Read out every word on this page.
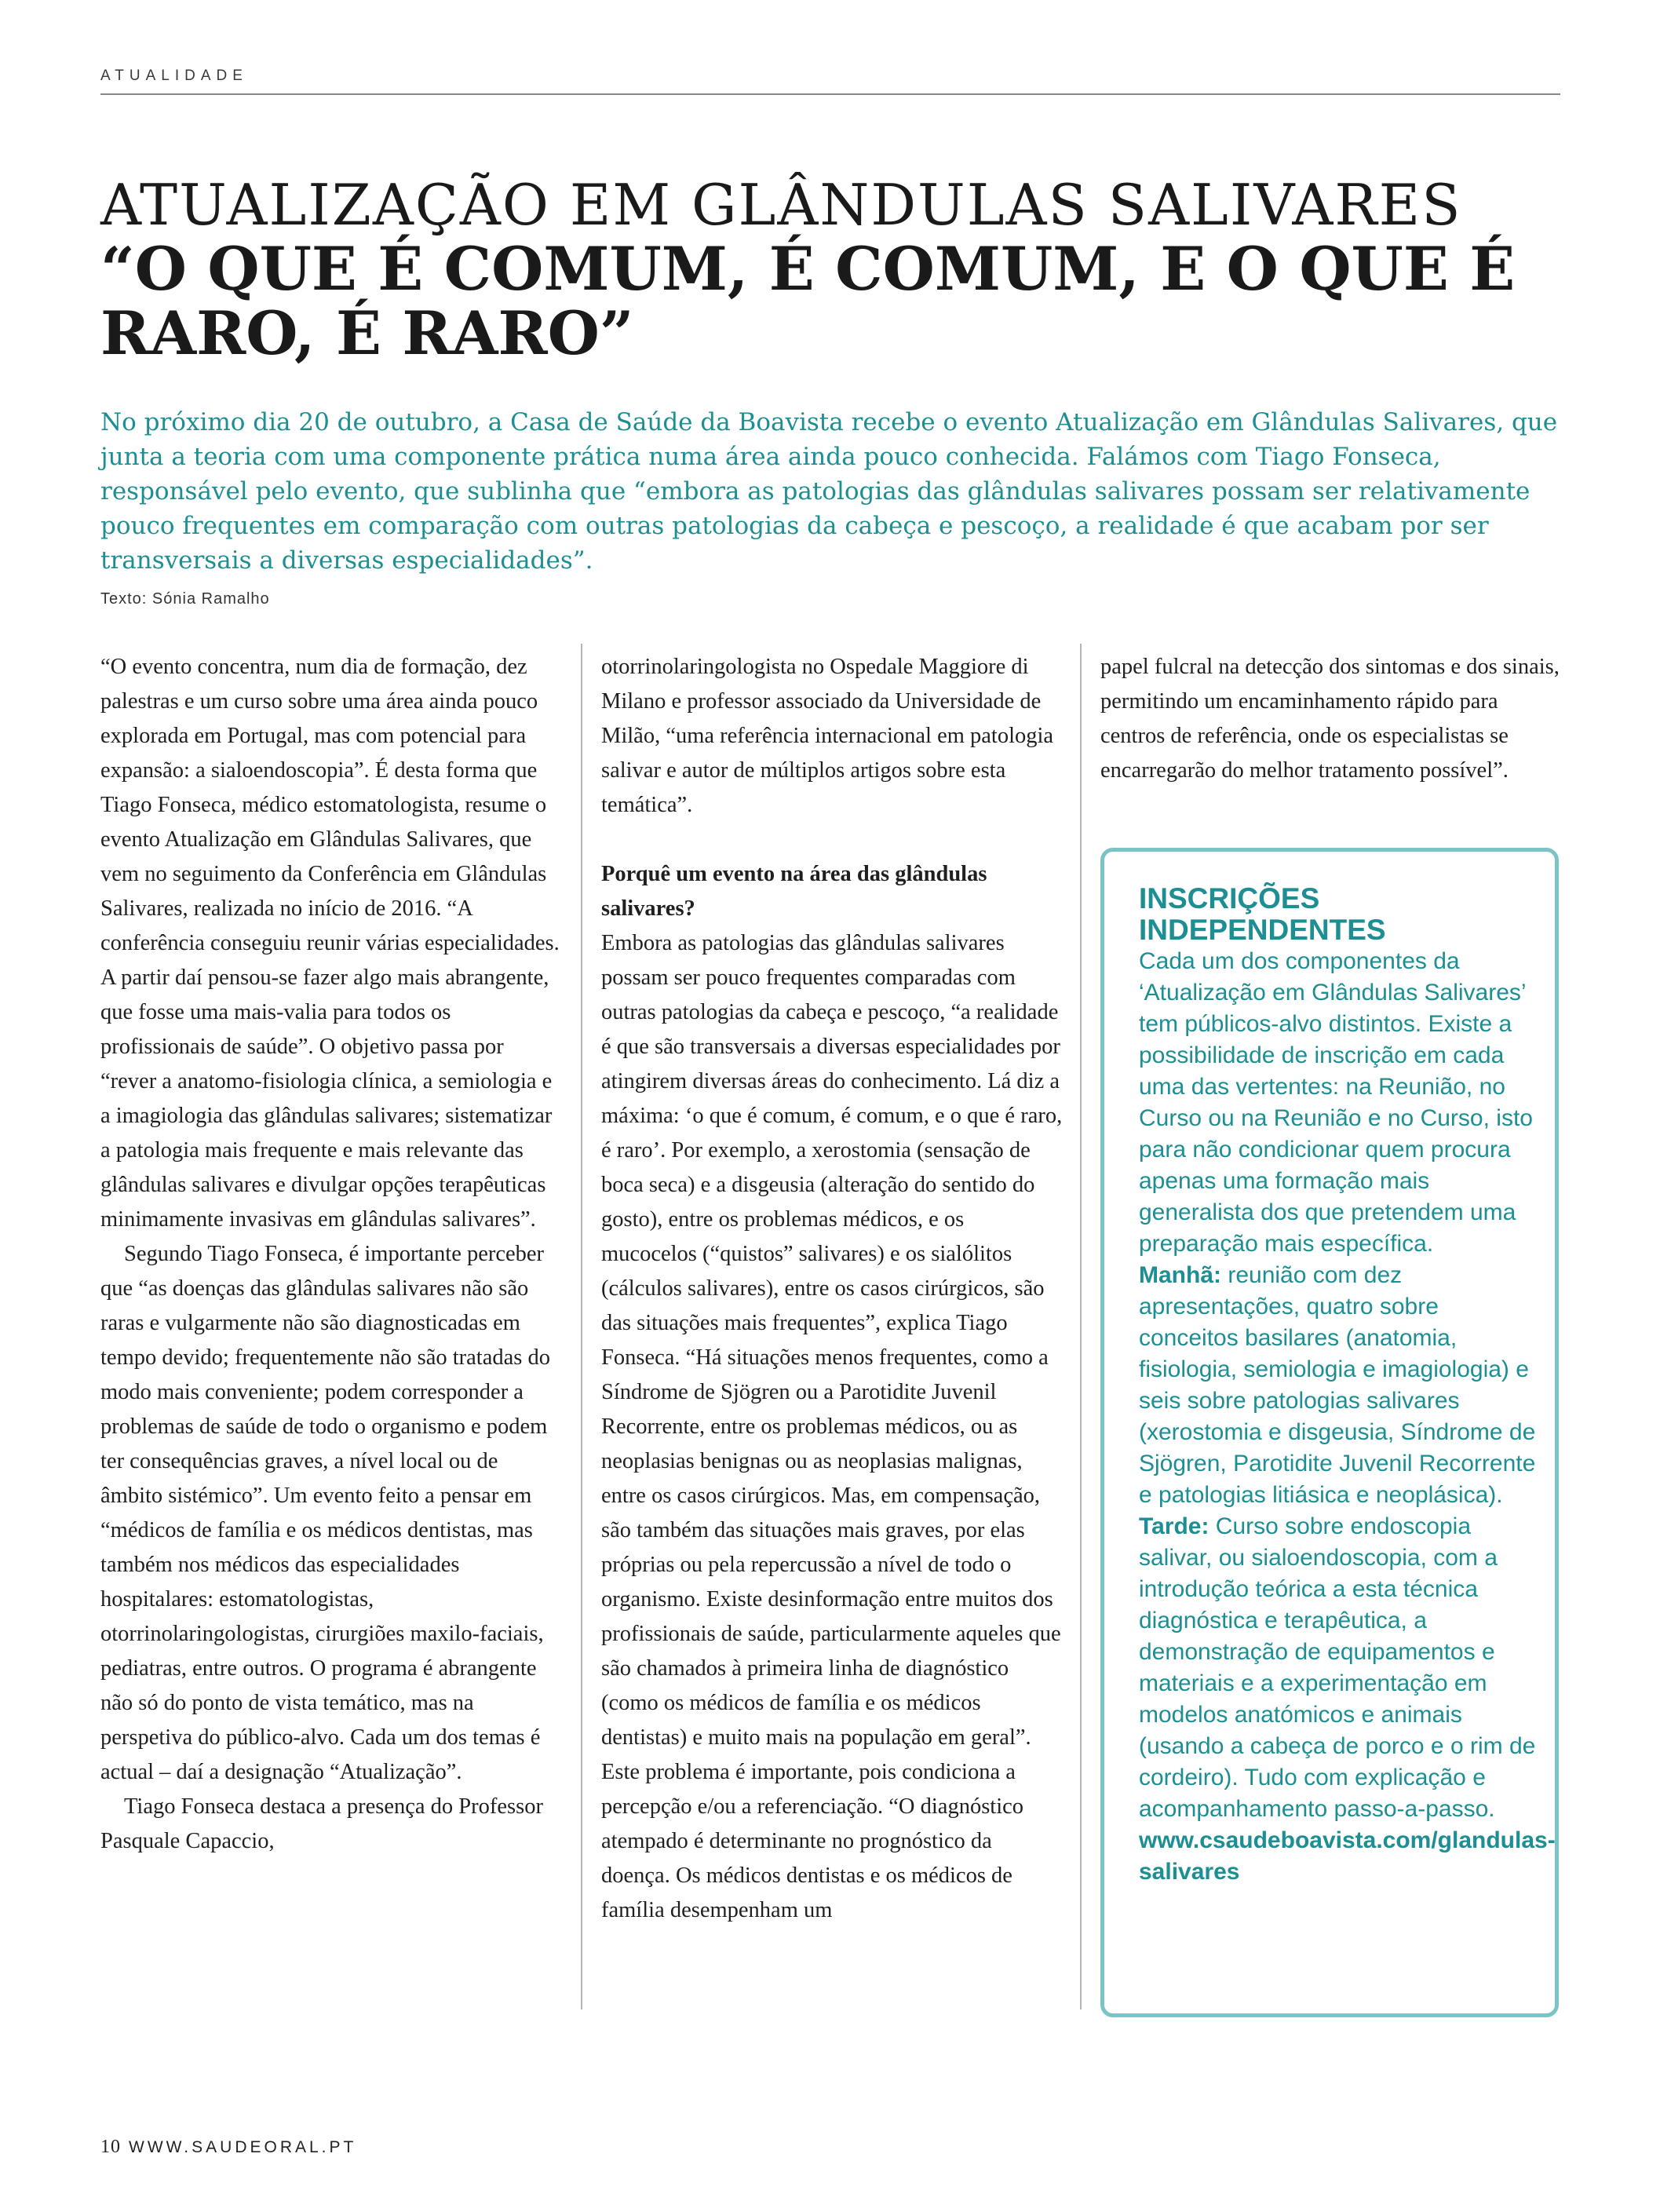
ATUALIDADE
ATUALIZAÇÃO EM GLÂNDULAS SALIVARES
“O QUE É COMUM, É COMUM, E O QUE É RARO, É RARO”

No próximo dia 20 de outubro, a Casa de Saúde da Boavista recebe o evento Atualização em Glândulas Salivares, que junta a teoria com uma componente prática numa área ainda pouco conhecida. Falámos com Tiago Fonseca, responsável pelo evento, que sublinha que “embora as patologias das glândulas salivares possam ser relativamente pouco frequentes em comparação com outras patologias da cabeça e pescoço, a realidade é que acabam por ser transversais a diversas especialidades”.

Texto: Sónia Ramalho

“O evento concentra, num dia de formação, dez palestras e um curso sobre uma área ainda pouco explorada em Portugal, mas com potencial para expansão: a sialoendoscopia”. É desta forma que Tiago Fonseca, médico estomatologista, resume o evento Atualização em Glândulas Salivares, que vem no seguimento da Conferência em Glândulas Salivares, realizada no início de 2016. “A conferência conseguiu reunir várias especialidades. A partir daí pensou-se fazer algo mais abrangente, que fosse uma mais-valia para todos os profissionais de saúde”. O objetivo passa por “rever a anatomo-fisiologia clínica, a semiologia e a imagiologia das glândulas salivares; sistematizar a patologia mais frequente e mais relevante das glândulas salivares e divulgar opções terapêuticas minimamente invasivas em glândulas salivares”.

Segundo Tiago Fonseca, é importante perceber que “as doenças das glândulas salivares não são raras e vulgarmente não são diagnosticadas em tempo devido; frequentemente não são tratadas do modo mais conveniente; podem corresponder a problemas de saúde de todo o organismo e podem ter consequências graves, a nível local ou de âmbito sistémico”. Um evento feito a pensar em “médicos de família e os médicos dentistas, mas também nos médicos das especialidades hospitalares: estomatologistas, otorrinolaringologistas, cirurgiões maxilo-faciais, pediatras, entre outros. O programa é abrangente não só do ponto de vista temático, mas na perspetiva do público-alvo. Cada um dos temas é actual – daí a designação “Atualização”.

Tiago Fonseca destaca a presença do Professor Pasquale Capaccio,

otorrinolaringologista no Ospedale Maggiore di Milano e professor associado da Universidade de Milão, “uma referência internacional em patologia salivar e autor de múltiplos artigos sobre esta temática”.

Porquê um evento na área das glândulas salivares?

Embora as patologias das glândulas salivares possam ser pouco frequentes comparadas com outras patologias da cabeça e pescoço, “a realidade é que são transversais a diversas especialidades por atingirem diversas áreas do conhecimento. Lá diz a máxima: ‘o que é comum, é comum, e o que é raro, é raro’. Por exemplo, a xerostomia (sensação de boca seca) e a disgeusia (alteração do sentido do gosto), entre os problemas médicos, e os mucocelos (“quistos” salivares) e os sialólitos (cálculos salivares), entre os casos cirúrgicos, são das situações mais frequentes”, explica Tiago Fonseca. “Há situações menos frequentes, como a Síndrome de Sjögren ou a Parotidite Juvenil Recorrente, entre os problemas médicos, ou as neoplasias benignas ou as neoplasias malignas, entre os casos cirúrgicos. Mas, em compensação, são também das situações mais graves, por elas próprias ou pela repercussão a nível de todo o organismo. Existe desinformação entre muitos dos profissionais de saúde, particularmente aqueles que são chamados à primeira linha de diagnóstico (como os médicos de família e os médicos dentistas) e muito mais na população em geral”. Este problema é importante, pois condiciona a percepção e/ou a referenciação. “O diagnóstico atempado é determinante no prognóstico da doença. Os médicos dentistas e os médicos de família desempenham um

papel fulcral na detecção dos sintomas e dos sinais, permitindo um encaminhamento rápido para centros de referência, onde os especialistas se encarregarão do melhor tratamento possível”.

INSCRIÇÕES INDEPENDENTES
Cada um dos componentes da ‘Atualização em Glândulas Salivares’ tem públicos-alvo distintos. Existe a possibilidade de inscrição em cada uma das vertentes: na Reunião, no Curso ou na Reunião e no Curso, isto para não condicionar quem procura apenas uma formação mais generalista dos que pretendem uma preparação mais específica.
Manhã: reunião com dez apresentações, quatro sobre conceitos basilares (anatomia, fisiologia, semiologia e imagiologia) e seis sobre patologias salivares (xerostomia e disgeusia, Síndrome de Sjögren, Parotidite Juvenil Recorrente e patologias litiásica e neoplásica).
Tarde: Curso sobre endoscopia salivar, ou sialoendoscopia, com a introdução teórica a esta técnica diagnóstica e terapêutica, a demonstração de equipamentos e materiais e a experimentação em modelos anatómicos e animais (usando a cabeça de porco e o rim de cordeiro). Tudo com explicação e acompanhamento passo-a-passo.
www.csaudeboavista.com/glandulas-salivares
10 WWW.SAUDEORAL.PT
